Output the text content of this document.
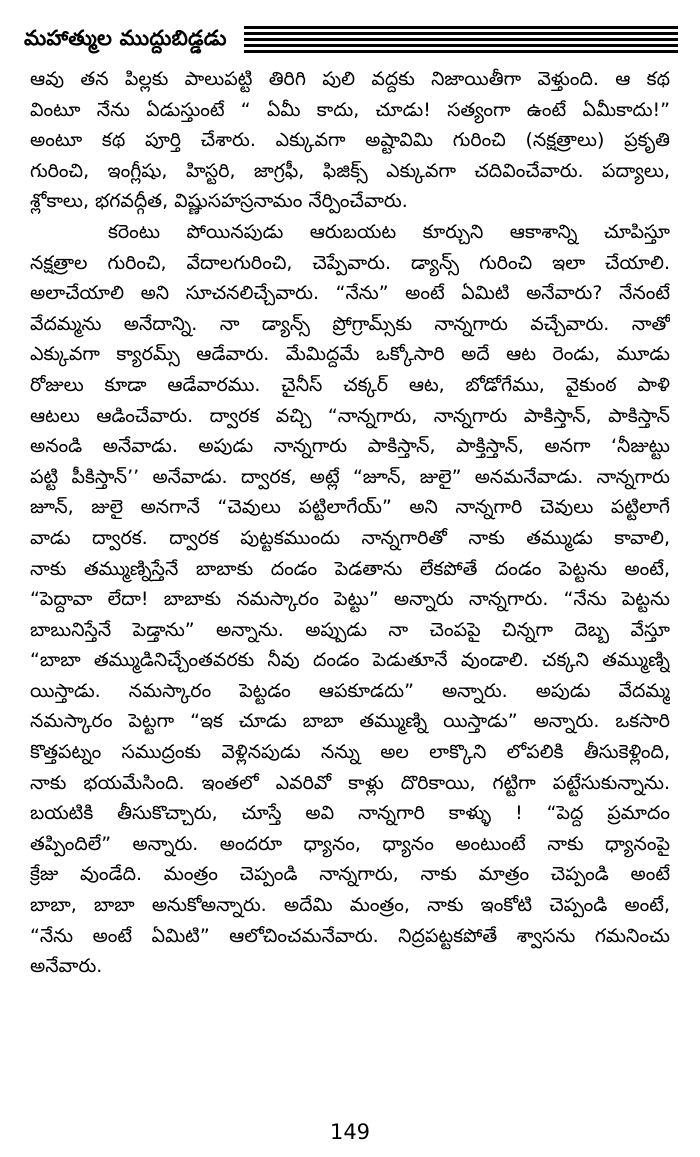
మహాత్ముల ముద్దుబిడ్డడు
ఆవు తన పిల్లకు పాలుపట్టి తిరిగి పులి వద్దకు నిజాయితీగా వెళ్తుంది. ఆ కథ
వింటూ నేను ఏడుస్తుంటే “ ఏమీ కాదు, చూడు! సత్యంగా ఉంటే ఏమీకాదు!”
అంటూ కథ పూర్తి చేశారు. ఎక్కువగా అష్టావిమి గురించి (నక్షత్రాలు) ప్రకృతి
గురించి, ఇంగ్లీషు, హిస్టరి, జాగ్రఫీ, ఫిజిక్స్ ఎక్కువగా చదివించేవారు. పద్యాలు,
శ్లోకాలు, భగవద్గీత, విష్ణుసహస్రనామం నేర్పించేవారు.
కరెంటు పోయినపుడు ఆరుబయట కూర్చుని ఆకాశాన్ని చూపిస్తూ
నక్షత్రాల గురించి, వేదాలగురించి, చెప్పేవారు. డ్యాన్స్ గురించి ఇలా చేయాలి.
అలాచేయాలి అని సూచనలిచ్చేవారు. “నేను” అంటే ఏమిటి అనేవారు? నేనంటే
వేదమ్మను అనేదాన్ని. నా డ్యాన్స్ ప్రోగ్రామ్స్‌కు నాన్నగారు వచ్చేవారు. నాతో
ఎక్కువగా క్యారమ్స్ ఆడేవారు. మేమిద్దమే ఒక్కోసారి అదే ఆట రెండు, మూడు
రోజులు కూడా ఆడేవారము. చైనీస్ చక్కర్ ఆట, బోడోగేము, వైకుంఠ పాళి
ఆటలు ఆడించేవారు. ద్వారక వచ్చి “నాన్నగారు, నాన్నగారు పాకిస్తాన్, పాకిస్తాన్
అనండి అనేవాడు. అపుడు నాన్నగారు పాకిస్తాన్, పాక్తిస్తాన్, అనగా ‘నీజుట్టు
పట్టి పీకిస్తాన్’’ అనేవాడు. ద్వారక, అట్లే “జూన్, జులై” అనమనేవాడు. నాన్నగారు
జూన్, జులై అనగానే “చెవులు పట్టిలాగేయ్” అని నాన్నగారి చెవులు పట్టిలాగే
వాడు ద్వారక. ద్వారక పుట్టకముందు నాన్నగారితో నాకు తమ్ముడు కావాలి,
నాకు తమ్ముణ్నిస్తేనే బాబాకు దండం పెడతాను లేకపోతే దండం పెట్టను అంటే,
“పెద్దావా లేదా! బాబాకు నమస్కారం పెట్టు” అన్నారు నాన్నగారు. “నేను పెట్టను
బాబునిస్తేనే పెడ్తాను” అన్నాను. అప్పుడు నా చెంపపై చిన్నగా దెబ్బ వేస్తూ
“బాబా తమ్ముడినిచ్చేంతవరకు నీవు దండం పెడుతూనే వుండాలి. చక్కని తమ్ముణ్ని
యిస్తాడు. నమస్కారం పెట్టడం ఆపకూడదు” అన్నారు. అపుడు వేదమ్మ
నమస్కారం పెట్టగా “ఇక చూడు బాబా తమ్ముణ్ని యిస్తాడు” అన్నారు. ఒకసారి
కొత్తపట్నం సముద్రంకు వెళ్లినపుడు నన్ను అల లాక్కొని లోపలికి తీసుకెళ్లింది,
నాకు భయమేసింది. ఇంతలో ఎవరివో కాళ్లు దొరికాయి, గట్టిగా పట్టేసుకున్నాను.
బయటికి తీసుకొచ్చారు, చూస్తే అవి నాన్నగారి కాళ్ళు ! “పెద్ద ప్రమాదం
తప్పిందిలే” అన్నారు. అందరూ ధ్యానం, ధ్యానం అంటుంటే నాకు ధ్యానంపై
క్రేజు వుండేది. మంత్రం చెప్పండి నాన్నగారు, నాకు మాత్రం చెప్పండి అంటే
బాబా, బాబా అనుకోఅన్నారు. అదేమి మంత్రం, నాకు ఇంకోటి చెప్పండి అంటే,
“నేను అంటే ఏమిటి” ఆలోచించమనేవారు. నిద్రపట్టకపోతే శ్వాసను గమనించు
అనేవారు.
149
